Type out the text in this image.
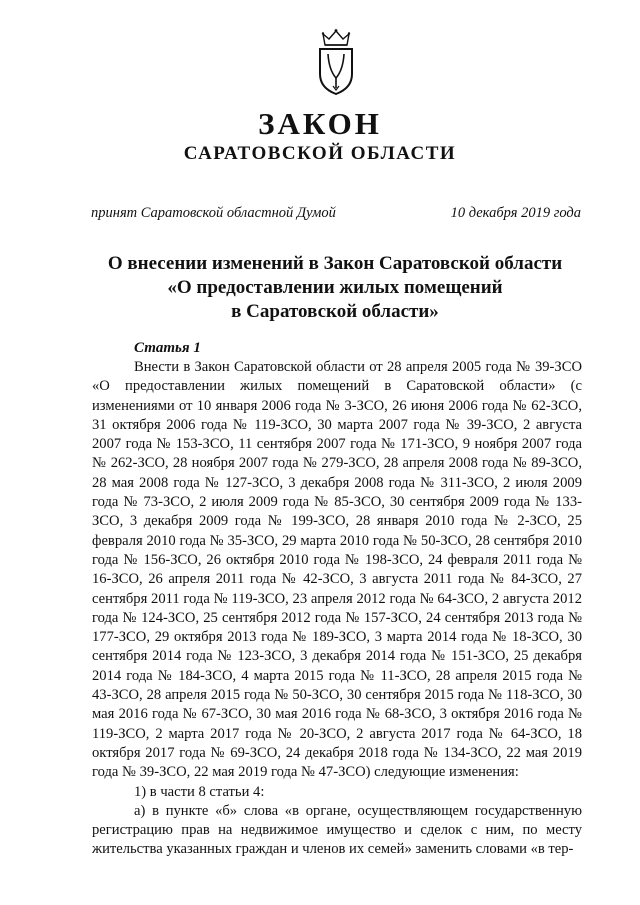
ЗАКОН
САРАТОВСКОЙ ОБЛАСТИ
принят Саратовской областной Думой	10 декабря 2019 года
О внесении изменений в Закон Саратовской области
«О предоставлении жилых помещений
в Саратовской области»
Статья 1

Внести в Закон Саратовской области от 28 апреля 2005 года № 39-ЗСО «О предоставлении жилых помещений в Саратовской области» (с изменениями от 10 января 2006 года № 3-ЗСО, 26 июня 2006 года № 62-ЗСО, 31 октября 2006 года № 119-ЗСО, 30 марта 2007 года № 39-ЗСО, 2 августа 2007 года № 153-ЗСО, 11 сентября 2007 года № 171-ЗСО, 9 ноября 2007 года № 262-ЗСО, 28 ноября 2007 года № 279-ЗСО, 28 апреля 2008 года № 89-ЗСО, 28 мая 2008 года № 127-ЗСО, 3 декабря 2008 года № 311-ЗСО, 2 июля 2009 года № 73-ЗСО, 2 июля 2009 года № 85-ЗСО, 30 сентября 2009 года № 133-ЗСО, 3 декабря 2009 года № 199-ЗСО, 28 января 2010 года № 2-ЗСО, 25 февраля 2010 года № 35-ЗСО, 29 марта 2010 года № 50-ЗСО, 28 сентября 2010 года № 156-ЗСО, 26 октября 2010 года № 198-ЗСО, 24 февраля 2011 года № 16-ЗСО, 26 апреля 2011 года № 42-ЗСО, 3 августа 2011 года № 84-ЗСО, 27 сентября 2011 года № 119-ЗСО, 23 апреля 2012 года № 64-ЗСО, 2 августа 2012 года № 124-ЗСО, 25 сентября 2012 года № 157-ЗСО, 24 сентября 2013 года № 177-ЗСО, 29 октября 2013 года № 189-ЗСО, 3 марта 2014 года № 18-ЗСО, 30 сентября 2014 года № 123-ЗСО, 3 декабря 2014 года № 151-ЗСО, 25 декабря 2014 года № 184-ЗСО, 4 марта 2015 года № 11-ЗСО, 28 апреля 2015 года № 43-ЗСО, 28 апреля 2015 года № 50-ЗСО, 30 сентября 2015 года № 118-ЗСО, 30 мая 2016 года № 67-ЗСО, 30 мая 2016 года № 68-ЗСО, 3 октября 2016 года № 119-ЗСО, 2 марта 2017 года № 20-ЗСО, 2 августа 2017 года № 64-ЗСО, 18 октября 2017 года № 69-ЗСО, 24 декабря 2018 года № 134-ЗСО, 22 мая 2019 года № 39-ЗСО, 22 мая 2019 года № 47-ЗСО) следующие изменения:

1) в части 8 статьи 4:

а) в пункте «б» слова «в органе, осуществляющем государственную регистрацию прав на недвижимое имущество и сделок с ним, по месту жительства указанных граждан и членов их семей» заменить словами «в тер-
